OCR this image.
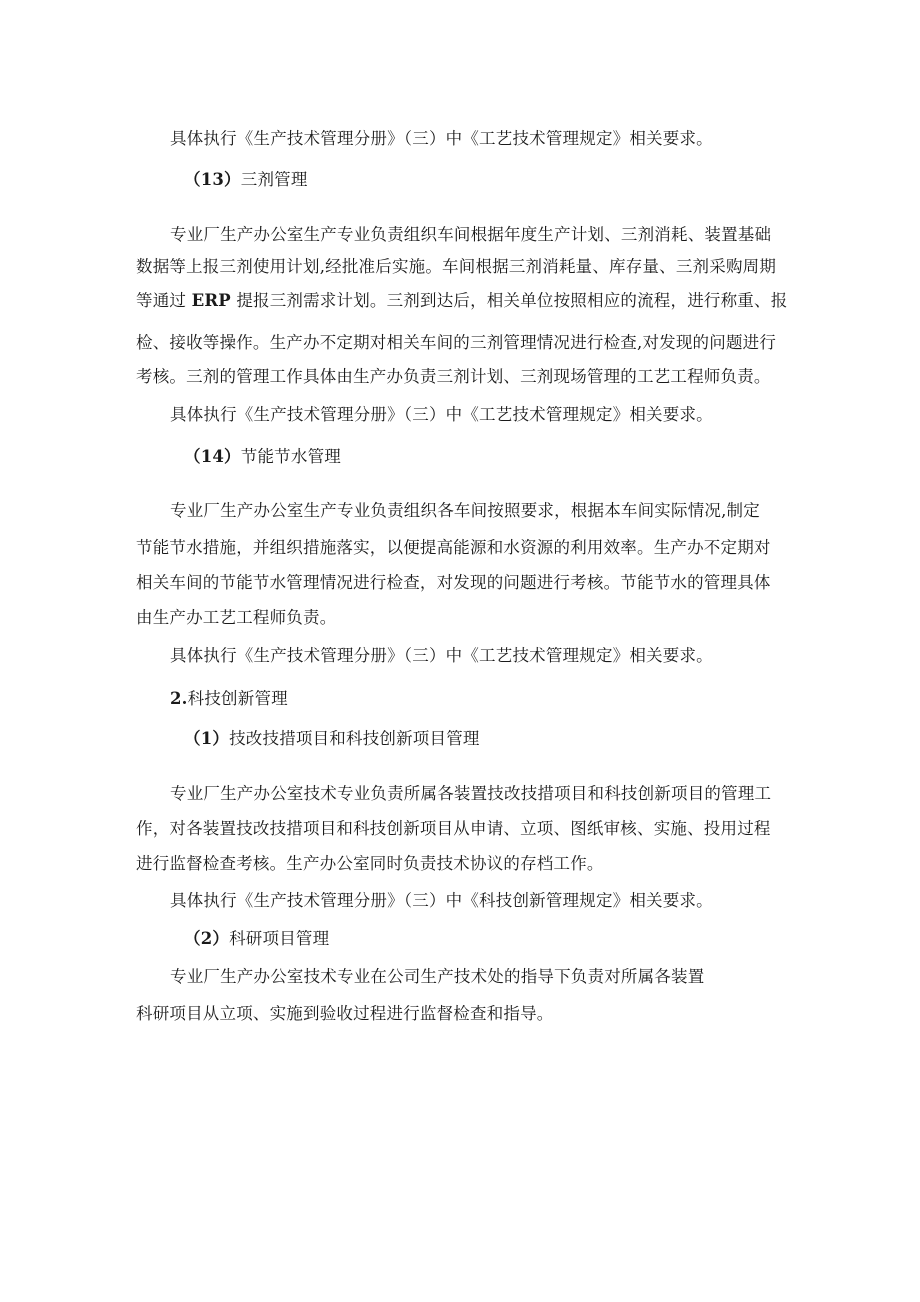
具体执行《生产技术管理分册》（三）中《工艺技术管理规定》相关要求。
（13）三剂管理
专业厂生产办公室生产专业负责组织车间根据年度生产计划、三剂消耗、装置基础
数据等上报三剂使用计划,经批准后实施。车间根据三剂消耗量、库存量、三剂采购周期
等通过 ERP 提报三剂需求计划。三剂到达后，相关单位按照相应的流程，进行称重、报
检、接收等操作。生产办不定期对相关车间的三剂管理情况进行检查,对发现的问题进行
考核。三剂的管理工作具体由生产办负责三剂计划、三剂现场管理的工艺工程师负责。
具体执行《生产技术管理分册》（三）中《工艺技术管理规定》相关要求。
（14）节能节水管理
专业厂生产办公室生产专业负责组织各车间按照要求，根据本车间实际情况,制定
节能节水措施，并组织措施落实，以便提高能源和水资源的利用效率。生产办不定期对
相关车间的节能节水管理情况进行检查，对发现的问题进行考核。节能节水的管理具体
由生产办工艺工程师负责。
具体执行《生产技术管理分册》（三）中《工艺技术管理规定》相关要求。
2.科技创新管理
（1）技改技措项目和科技创新项目管理
专业厂生产办公室技术专业负责所属各装置技改技措项目和科技创新项目的管理工
作，对各装置技改技措项目和科技创新项目从申请、立项、图纸审核、实施、投用过程
进行监督检查考核。生产办公室同时负责技术协议的存档工作。
具体执行《生产技术管理分册》（三）中《科技创新管理规定》相关要求。
（2）科研项目管理
专业厂生产办公室技术专业在公司生产技术处的指导下负责对所属各装置
科研项目从立项、实施到验收过程进行监督检查和指导。
